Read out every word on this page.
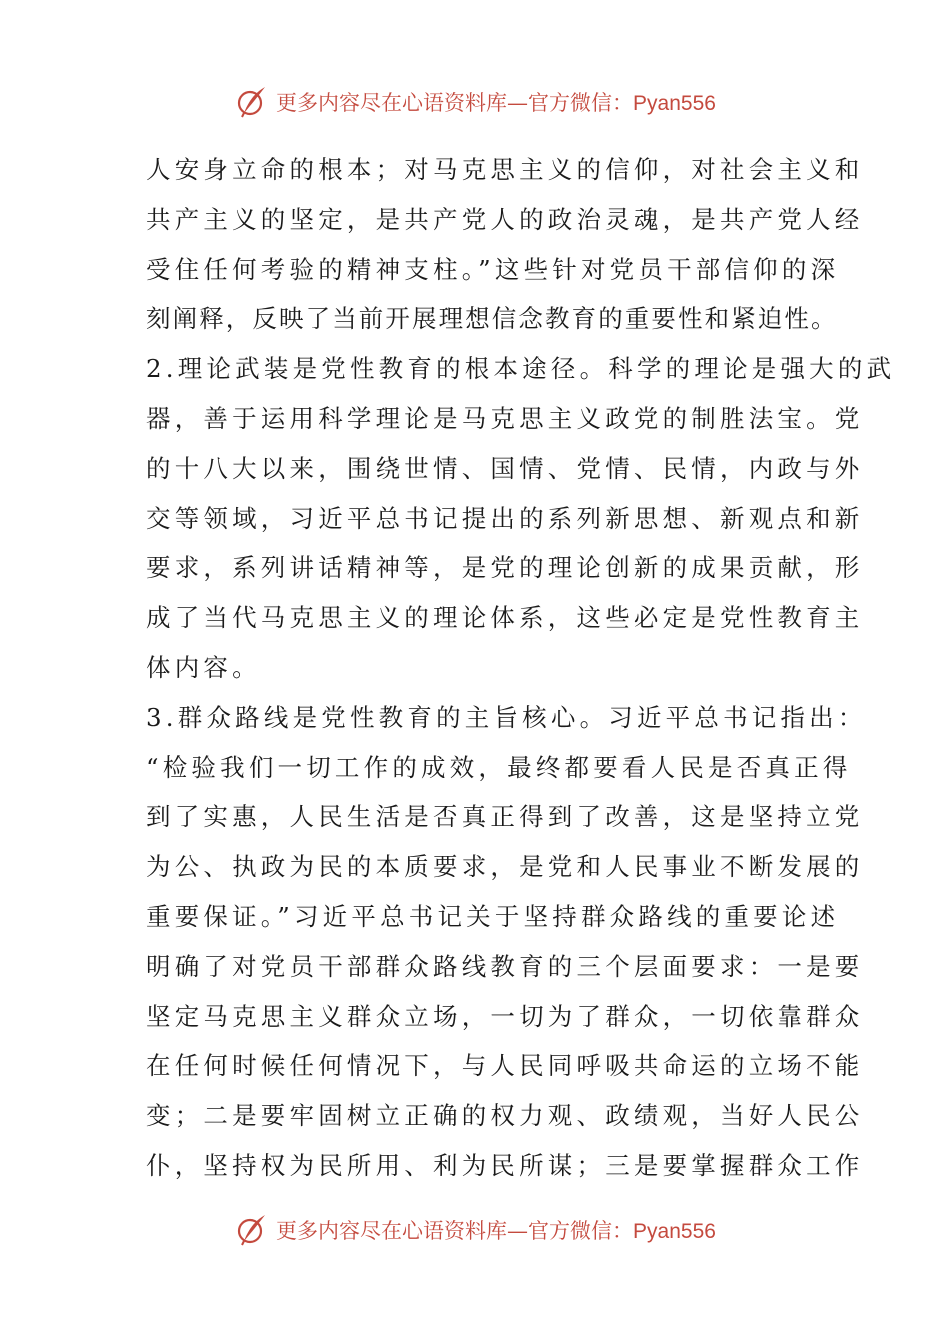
更多内容尽在心语资料库—官方微信：Pyan556
人安身立命的根本；对马克思主义的信仰，对社会主义和
共产主义的坚定，是共产党人的政治灵魂，是共产党人经
受住任何考验的精神支柱。”这些针对党员干部信仰的深
刻阐释，反映了当前开展理想信念教育的重要性和紧迫性。
2.理论武装是党性教育的根本途径。科学的理论是强大的武
器，善于运用科学理论是马克思主义政党的制胜法宝。党
的十八大以来，围绕世情、国情、党情、民情，内政与外
交等领域，习近平总书记提出的系列新思想、新观点和新
要求，系列讲话精神等，是党的理论创新的成果贡献，形
成了当代马克思主义的理论体系，这些必定是党性教育主
体内容。
3.群众路线是党性教育的主旨核心。习近平总书记指出：
“检验我们一切工作的成效，最终都要看人民是否真正得
到了实惠，人民生活是否真正得到了改善，这是坚持立党
为公、执政为民的本质要求，是党和人民事业不断发展的
重要保证。”习近平总书记关于坚持群众路线的重要论述
明确了对党员干部群众路线教育的三个层面要求：一是要
坚定马克思主义群众立场，一切为了群众，一切依靠群众
在任何时候任何情况下，与人民同呼吸共命运的立场不能
变；二是要牢固树立正确的权力观、政绩观，当好人民公
仆，坚持权为民所用、利为民所谋；三是要掌握群众工作
更多内容尽在心语资料库—官方微信：Pyan556
